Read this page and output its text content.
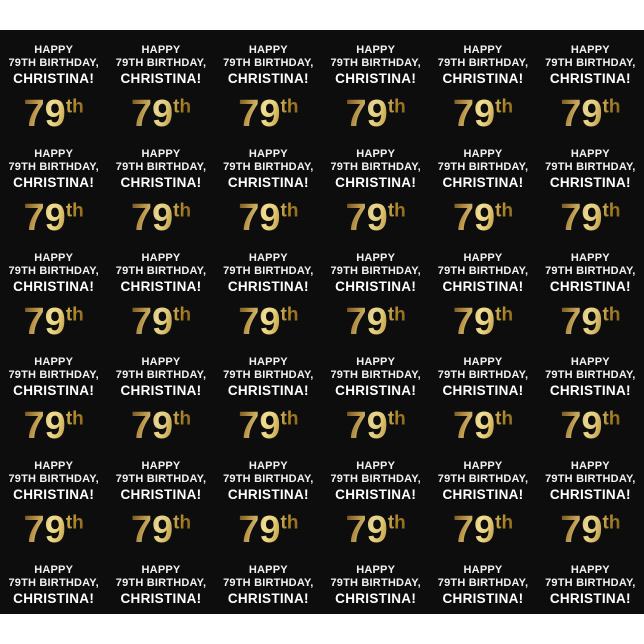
HAPPY
79TH BIRTHDAY,
CHRISTINA!
79th
HAPPY
79TH BIRTHDAY,
CHRISTINA!
79th
HAPPY
79TH BIRTHDAY,
CHRISTINA!
79th
HAPPY
79TH BIRTHDAY,
CHRISTINA!
79th
HAPPY
79TH BIRTHDAY,
CHRISTINA!
79th
HAPPY
79TH BIRTHDAY,
CHRISTINA!
79th
HAPPY
79TH BIRTHDAY,
CHRISTINA!
79th
HAPPY
79TH BIRTHDAY,
CHRISTINA!
79th
HAPPY
79TH BIRTHDAY,
CHRISTINA!
79th
HAPPY
79TH BIRTHDAY,
CHRISTINA!
79th
HAPPY
79TH BIRTHDAY,
CHRISTINA!
79th
HAPPY
79TH BIRTHDAY,
CHRISTINA!
79th
HAPPY
79TH BIRTHDAY,
CHRISTINA!
79th
HAPPY
79TH BIRTHDAY,
CHRISTINA!
79th
HAPPY
79TH BIRTHDAY,
CHRISTINA!
79th
HAPPY
79TH BIRTHDAY,
CHRISTINA!
79th
HAPPY
79TH BIRTHDAY,
CHRISTINA!
79th
HAPPY
79TH BIRTHDAY,
CHRISTINA!
79th
HAPPY
79TH BIRTHDAY,
CHRISTINA!
79th
HAPPY
79TH BIRTHDAY,
CHRISTINA!
79th
HAPPY
79TH BIRTHDAY,
CHRISTINA!
79th
HAPPY
79TH BIRTHDAY,
CHRISTINA!
79th
HAPPY
79TH BIRTHDAY,
CHRISTINA!
79th
HAPPY
79TH BIRTHDAY,
CHRISTINA!
79th
HAPPY
79TH BIRTHDAY,
CHRISTINA!
79th
HAPPY
79TH BIRTHDAY,
CHRISTINA!
79th
HAPPY
79TH BIRTHDAY,
CHRISTINA!
79th
HAPPY
79TH BIRTHDAY,
CHRISTINA!
79th
HAPPY
79TH BIRTHDAY,
CHRISTINA!
79th
HAPPY
79TH BIRTHDAY,
CHRISTINA!
79th
HAPPY
79TH BIRTHDAY,
CHRISTINA!
HAPPY
79TH BIRTHDAY,
CHRISTINA!
HAPPY
79TH BIRTHDAY,
CHRISTINA!
HAPPY
79TH BIRTHDAY,
CHRISTINA!
HAPPY
79TH BIRTHDAY,
CHRISTINA!
HAPPY
79TH BIRTHDAY,
CHRISTINA!
